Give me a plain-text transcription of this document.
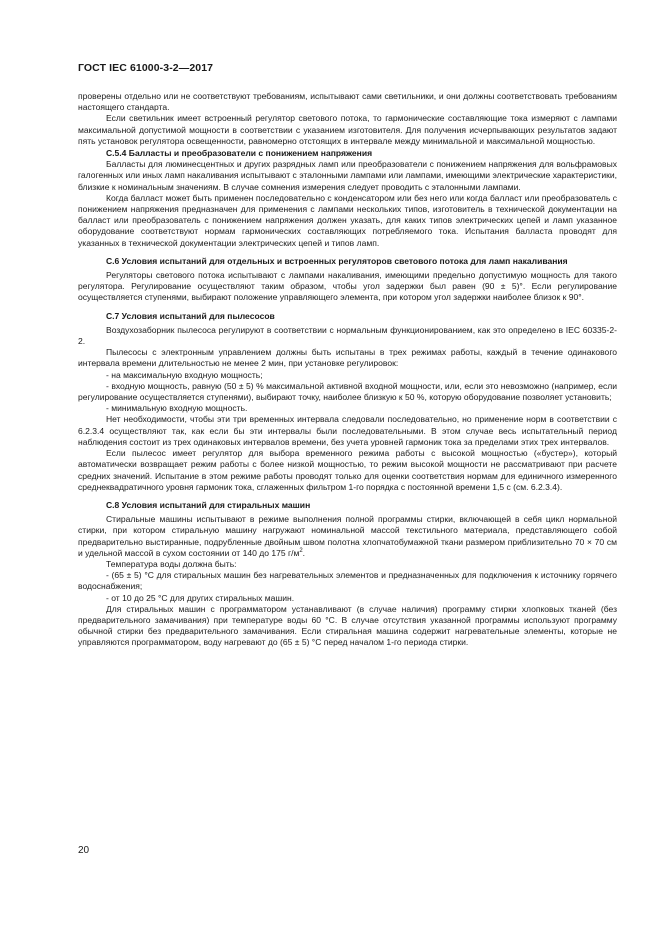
ГОСТ IEC 61000-3-2—2017

проверены отдельно или не соответствуют требованиям, испытывают сами светильники, и они должны соответствовать требованиям настоящего стандарта.

Если светильник имеет встроенный регулятор светового потока, то гармонические составляющие тока измеряют с лампами максимальной допустимой мощности в соответствии с указанием изготовителя. Для получения исчерпывающих результатов задают пять установок регулятора освещенности, равномерно отстоящих в интервале между минимальной и максимальной мощностью.

C.5.4 Балласты и преобразователи с понижением напряжения

Балласты для люминесцентных и других разрядных ламп или преобразователи с понижением напряжения для вольфрамовых галогенных или иных ламп накаливания испытывают с эталонными лампами или лампами, имеющими электрические характеристики, близкие к номинальным значениям. В случае сомнения измерения следует проводить с эталонными лампами.

Когда балласт может быть применен последовательно с конденсатором или без него или когда балласт или преобразователь с понижением напряжения предназначен для применения с лампами нескольких типов, изготовитель в технической документации на балласт или преобразователь с понижением напряжения должен указать, для каких типов электрических цепей и ламп указанное оборудование соответствуют нормам гармонических составляющих потребляемого тока. Испытания балласта проводят для указанных в технической документации электрических цепей и типов ламп.

C.6 Условия испытаний для отдельных и встроенных регуляторов светового потока для ламп накаливания

Регуляторы светового потока испытывают с лампами накаливания, имеющими предельно допустимую мощность для такого регулятора. Регулирование осуществляют таким образом, чтобы угол задержки был равен (90 ± 5)°. Если регулирование осуществляется ступенями, выбирают положение управляющего элемента, при котором угол задержки наиболее близок к 90°.

C.7 Условия испытаний для пылесосов

Воздухозаборник пылесоса регулируют в соответствии с нормальным функционированием, как это определено в IEC 60335-2-2.

Пылесосы с электронным управлением должны быть испытаны в трех режимах работы, каждый в течение одинакового интервала времени длительностью не менее 2 мин, при установке регулировок:

- на максимальную входную мощность;

- входную мощность, равную (50 ± 5) % максимальной активной входной мощности, или, если это невозможно (например, если регулирование осуществляется ступенями), выбирают точку, наиболее близкую к 50 %, которую оборудование позволяет установить;

- минимальную входную мощность.

Нет необходимости, чтобы эти три временных интервала следовали последовательно, но применение норм в соответствии с 6.2.3.4 осуществляют так, как если бы эти интервалы были последовательными. В этом случае весь испытательный период наблюдения состоит из трех одинаковых интервалов времени, без учета уровней гармоник тока за пределами этих трех интервалов.

Если пылесос имеет регулятор для выбора временного режима работы с высокой мощностью («бустер»), который автоматически возвращает режим работы с более низкой мощностью, то режим высокой мощности не рассматривают при расчете средних значений. Испытание в этом режиме работы проводят только для оценки соответствия нормам для единичного измеренного среднеквадратичного уровня гармоник тока, сглаженных фильтром 1-го порядка с постоянной времени 1,5 с (см. 6.2.3.4).

C.8 Условия испытаний для стиральных машин

Стиральные машины испытывают в режиме выполнения полной программы стирки, включающей в себя цикл нормальной стирки, при котором стиральную машину нагружают номинальной массой текстильного материала, представляющего собой предварительно выстиранные, подрубленные двойным швом полотна хлопчатобумажной ткани размером приблизительно 70 × 70 см и удельной массой в сухом состоянии от 140 до 175 $г/м^2$.

Температура воды должна быть:

- (65 ± 5) °C для стиральных машин без нагревательных элементов и предназначенных для подключения к источнику горячего водоснабжения;

- от 10 до 25 °C для других стиральных машин.

Для стиральных машин с программатором устанавливают (в случае наличия) программу стирки хлопковых тканей (без предварительного замачивания) при температуре воды 60 °C. В случае отсутствия указанной программы используют программу обычной стирки без предварительного замачивания. Если стиральная машина содержит нагревательные элементы, которые не управляются программатором, воду нагревают до (65 ± 5) °C перед началом 1-го периода стирки.

20
